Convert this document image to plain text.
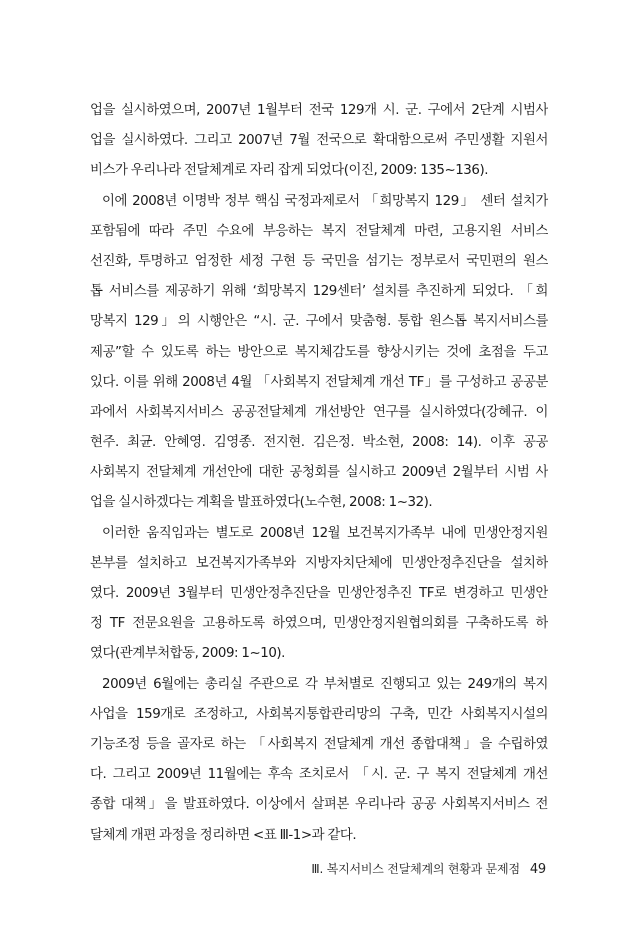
업을 실시하였으며, 2007년 1월부터 전국 129개 시. 군. 구에서 2단계 시범사
업을 실시하였다. 그리고 2007년 7월 전국으로 확대함으로써 주민생활 지원서
비스가 우리나라 전달체계로 자리 잡게 되었다(이진, 2009: 135~136).
이에 2008년 이명박 정부 핵심 국정과제로서 「희망복지 129」 센터 설치가
포함됨에 따라 주민 수요에 부응하는 복지 전달체계 마련, 고용지원 서비스
선진화, 투명하고 엄정한 세정 구현 등 국민을 섬기는 정부로서 국민편의 원스
톱 서비스를 제공하기 위해 ‘희망복지 129센터’ 설치를 추진하게 되었다. 「희
망복지 129」의 시행안은 “시. 군. 구에서 맞춤형. 통합 원스톱 복지서비스를
제공”할 수 있도록 하는 방안으로 복지체감도를 향상시키는 것에 초점을 두고
있다. 이를 위해 2008년 4월 「사회복지 전달체계 개선 TF」를 구성하고 공공분
과에서 사회복지서비스 공공전달체계 개선방안 연구를 실시하였다(강혜규. 이
현주. 최균. 안혜영. 김영종. 전지현. 김은정. 박소현, 2008: 14). 이후 공공
사회복지 전달체계 개선안에 대한 공청회를 실시하고 2009년 2월부터 시범 사
업을 실시하겠다는 계획을 발표하였다(노수현, 2008: 1~32).
이러한 움직임과는 별도로 2008년 12월 보건복지가족부 내에 민생안정지원
본부를 설치하고 보건복지가족부와 지방자치단체에 민생안정추진단을 설치하
였다. 2009년 3월부터 민생안정추진단을 민생안정추진 TF로 변경하고 민생안
정 TF 전문요원을 고용하도록 하였으며, 민생안정지원협의회를 구축하도록 하
였다(관계부처합동, 2009: 1~10).
2009년 6월에는 총리실 주관으로 각 부처별로 진행되고 있는 249개의 복지
사업을 159개로 조정하고, 사회복지통합관리망의 구축, 민간 사회복지시설의
기능조정 등을 골자로 하는 「사회복지 전달체계 개선 종합대책」을 수립하였
다. 그리고 2009년 11월에는 후속 조치로서 「시. 군. 구 복지 전달체계 개선
종합 대책」을 발표하였다. 이상에서 살펴본 우리나라 공공 사회복지서비스 전
달체계 개편 과정을 정리하면 <표 Ⅲ-1>과 같다.
Ⅲ. 복지서비스 전달체계의 현황과 문제점 49
